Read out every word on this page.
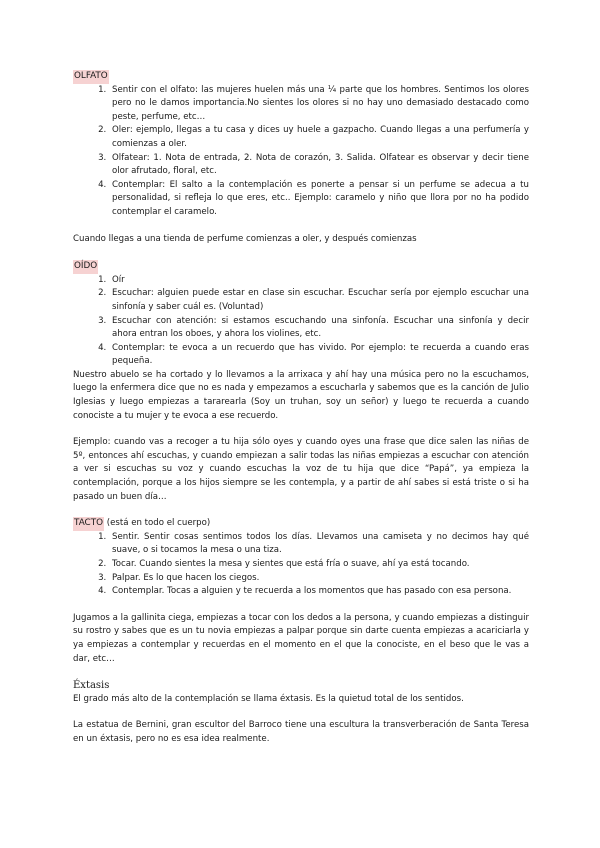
OLFATO

1. Sentir con el olfato: las mujeres huelen más una ¼ parte que los hombres. Sentimos los olores pero no le damos importancia.No sientes los olores si no hay uno demasiado destacado como peste, perfume, etc…
2. Oler: ejemplo, llegas a tu casa y dices uy huele a gazpacho. Cuando llegas a una perfumería y comienzas a oler.
3. Olfatear: 1. Nota de entrada, 2. Nota de corazón, 3. Salida. Olfatear es observar y decir tiene olor afrutado, floral, etc.
4. Contemplar: El salto a la contemplación es ponerte a pensar si un perfume se adecua a tu personalidad, si refleja lo que eres, etc.. Ejemplo: caramelo y niño que llora por no ha podido contemplar el caramelo.

Cuando llegas a una tienda de perfume comienzas a oler, y después comienzas

OÍDO

1. Oír
2. Escuchar: alguien puede estar en clase sin escuchar. Escuchar sería por ejemplo escuchar una sinfonía y saber cuál es. (Voluntad)
3. Escuchar con atención: si estamos escuchando una sinfonía. Escuchar una sinfonía y decir ahora entran los oboes, y ahora los violines, etc.
4. Contemplar: te evoca a un recuerdo que has vivido. Por ejemplo: te recuerda a cuando eras pequeña.

Nuestro abuelo se ha cortado y lo llevamos a la arrixaca y ahí hay una música pero no la escuchamos, luego la enfermera dice que no es nada y empezamos a escucharla y sabemos que es la canción de Julio Iglesias y luego empiezas a tararearla (Soy un truhan, soy un señor) y luego te recuerda a cuando conociste a tu mujer y te evoca a ese recuerdo.

Ejemplo: cuando vas a recoger a tu hija sólo oyes y cuando oyes una frase que dice salen las niñas de 5º, entonces ahí escuchas, y cuando empiezan a salir todas las niñas empiezas a escuchar con atención a ver si escuchas su voz y cuando escuchas la voz de tu hija que dice “Papá”, ya empieza la contemplación, porque a los hijos siempre se les contempla, y a partir de ahí sabes si está triste o si ha pasado un buen día…

TACTO (está en todo el cuerpo)

1. Sentir. Sentir cosas sentimos todos los días. Llevamos una camiseta y no decimos hay qué suave, o si tocamos la mesa o una tiza.
2. Tocar. Cuando sientes la mesa y sientes que está fría o suave, ahí ya está tocando.
3. Palpar. Es lo que hacen los ciegos.
4. Contemplar. Tocas a alguien y te recuerda a los momentos que has pasado con esa persona.

Jugamos a la gallinita ciega, empiezas a tocar con los dedos a la persona, y cuando empiezas a distinguir su rostro y sabes que es un tu novia empiezas a palpar porque sin darte cuenta empiezas a acariciarla y ya empiezas a contemplar y recuerdas en el momento en el que la conociste, en el beso que le vas a dar, etc…

Éxtasis

El grado más alto de la contemplación se llama éxtasis. Es la quietud total de los sentidos.

La estatua de Bernini, gran escultor del Barroco tiene una escultura la transverberación de Santa Teresa en un éxtasis, pero no es esa idea realmente.
